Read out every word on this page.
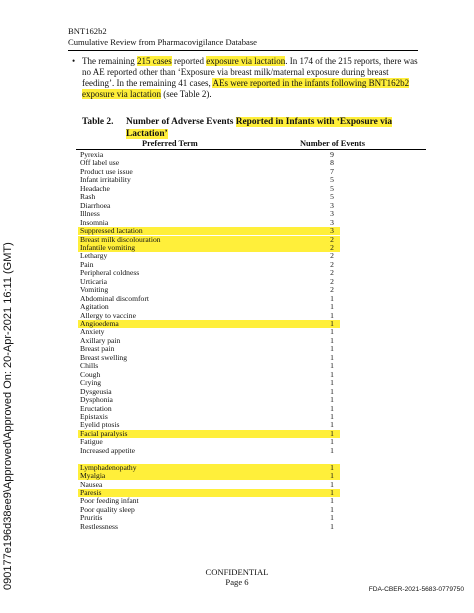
BNT162b2
Cumulative Review from Pharmacovigilance Database
• The remaining 215 cases reported exposure via lactation. In 174 of the 215 reports, there was no AE reported other than ‘Exposure via breast milk/maternal exposure during breast feeding’. In the remaining 41 cases, AEs were reported in the infants following BNT162b2 exposure via lactation (see Table 2).
Table 2.	Number of Adverse Events Reported in Infants with ‘Exposure via Lactation’
Preferred Term	Number of Events
Pyrexia	9
Off label use	8
Product use issue	7
Infant irritability	5
Headache	5
Rash	5
Diarrhoea	3
Illness	3
Insomnia	3
Suppressed lactation	3
Breast milk discolouration	2
Infantile vomiting	2
Lethargy	2
Pain	2
Peripheral coldness	2
Urticaria	2
Vomiting	2
Abdominal discomfort	1
Agitation	1
Allergy to vaccine	1
Angioedema	1
Anxiety	1
Axillary pain	1
Breast pain	1
Breast swelling	1
Chills	1
Cough	1
Crying	1
Dysgeusia	1
Dysphonia	1
Eructation	1
Epistaxis	1
Eyelid ptosis	1
Facial paralysis	1
Fatigue	1
Increased appetite	1
Lymphadenopathy	1
Myalgia	1
Nausea	1
Paresis	1
Poor feeding infant	1
Poor quality sleep	1
Pruritis	1
Restlessness	1
090177e196d38ee9\Approved\Approved On: 20-Apr-2021 16:11 (GMT)	CONFIDENTIAL
Page 6
FDA-CBER-2021-5683-0779750
